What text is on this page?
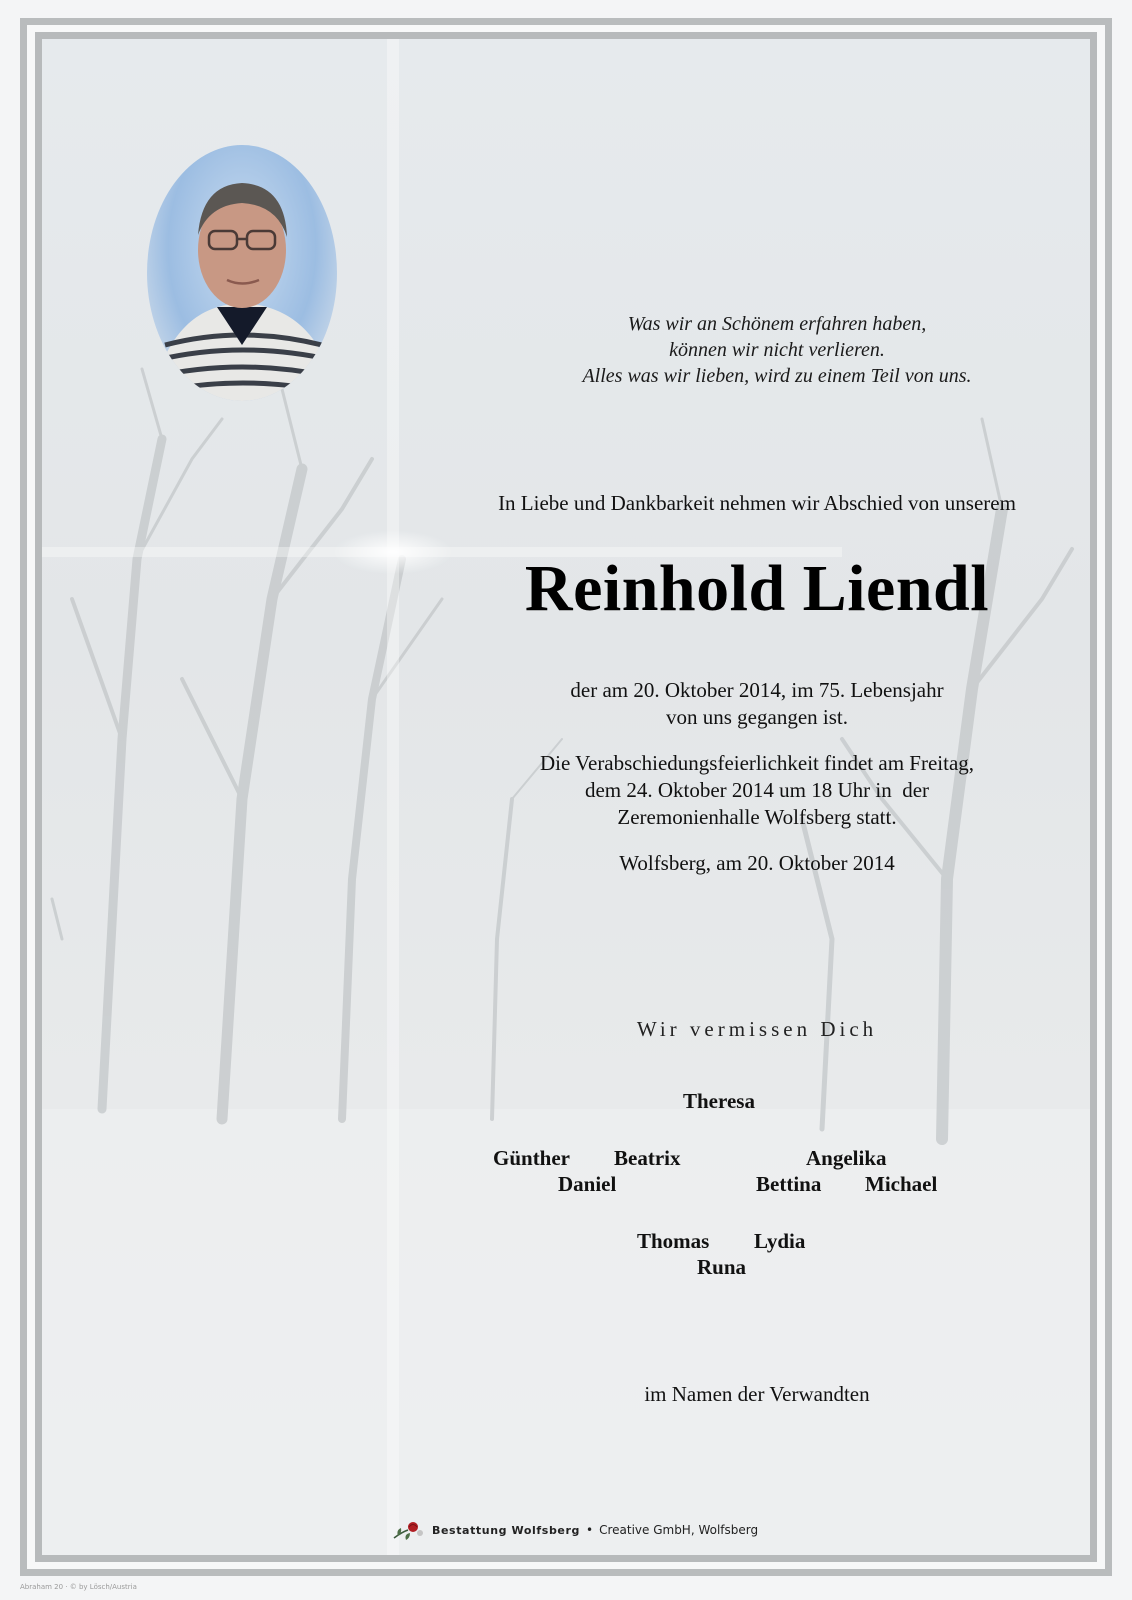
Was wir an Schönem erfahren haben,
können wir nicht verlieren.
Alles was wir lieben, wird zu einem Teil von uns.
In Liebe und Dankbarkeit nehmen wir Abschied von unserem
Reinhold Liendl

der am 20. Oktober 2014, im 75. Lebensjahr
von uns gegangen ist.

Die Verabschiedungsfeierlichkeit findet am Freitag,
dem 24. Oktober 2014 um 18 Uhr in  der
Zeremonienhalle Wolfsberg statt.

Wolfsberg, am 20. Oktober 2014

Wir vermissen Dich
Theresa
Günther Beatrix
Daniel
Angelika
Bettina Michael
Thomas Lydia
Runa
im Namen der Verwandten
Bestattung Wolfsberg • Creative GmbH, Wolfsberg
Abraham 20 · © by Lösch/Austria
